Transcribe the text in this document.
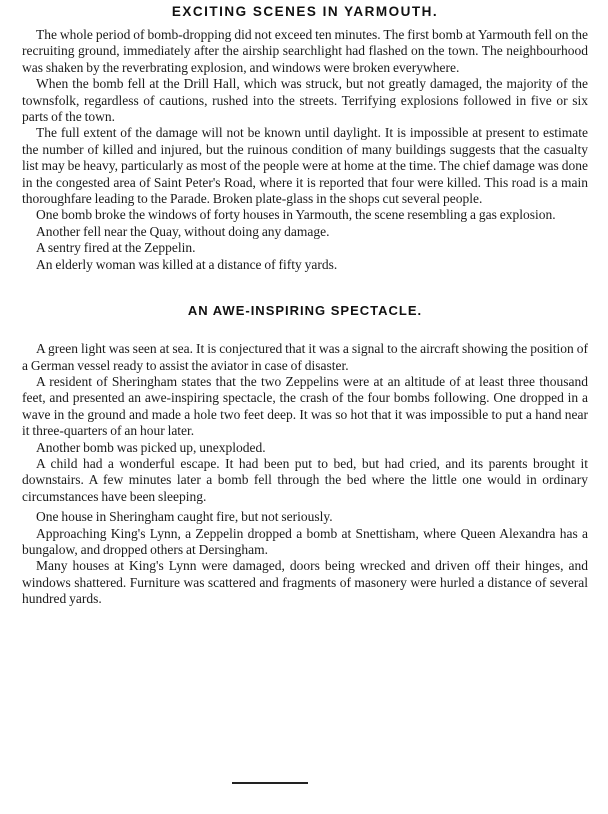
EXCITING SCENES IN YARMOUTH.

The whole period of bomb-dropping did not exceed ten minutes. The first bomb at Yarmouth fell on the recruiting ground, immediately after the airship searchlight had flashed on the town. The neighbourhood was shaken by the reverbrating explosion, and windows were broken everywhere.

When the bomb fell at the Drill Hall, which was struck, but not greatly damaged, the majority of the townsfolk, regardless of cautions, rushed into the streets. Terrifying explosions followed in five or six parts of the town.

The full extent of the damage will not be known until daylight. It is impossible at present to estimate the number of killed and injured, but the ruinous condition of many buildings suggests that the casualty list may be heavy, particularly as most of the people were at home at the time. The chief damage was done in the congested area of Saint Peter's Road, where it is reported that four were killed. This road is a main thoroughfare leading to the Parade. Broken plate-glass in the shops cut several people.

One bomb broke the windows of forty houses in Yarmouth, the scene resembling a gas explosion.

Another fell near the Quay, without doing any damage.

A sentry fired at the Zeppelin.

An elderly woman was killed at a distance of fifty yards.

AN AWE-INSPIRING SPECTACLE.

A green light was seen at sea. It is conjectured that it was a signal to the aircraft showing the position of a German vessel ready to assist the aviator in case of disaster.

A resident of Sheringham states that the two Zeppelins were at an altitude of at least three thousand feet, and presented an awe-inspiring spectacle, the crash of the four bombs following. One dropped in a wave in the ground and made a hole two feet deep. It was so hot that it was impossible to put a hand near it three-quarters of an hour later.

Another bomb was picked up, unexploded.

A child had a wonderful escape. It had been put to bed, but had cried, and its parents brought it downstairs. A few minutes later a bomb fell through the bed where the little one would in ordinary circumstances have been sleeping.

One house in Sheringham caught fire, but not seriously.

Approaching King's Lynn, a Zeppelin dropped a bomb at Snettisham, where Queen Alexandra has a bungalow, and dropped others at Dersingham.

Many houses at King's Lynn were damaged, doors being wrecked and driven off their hinges, and windows shattered. Furniture was scattered and fragments of masonery were hurled a distance of several hundred yards.
